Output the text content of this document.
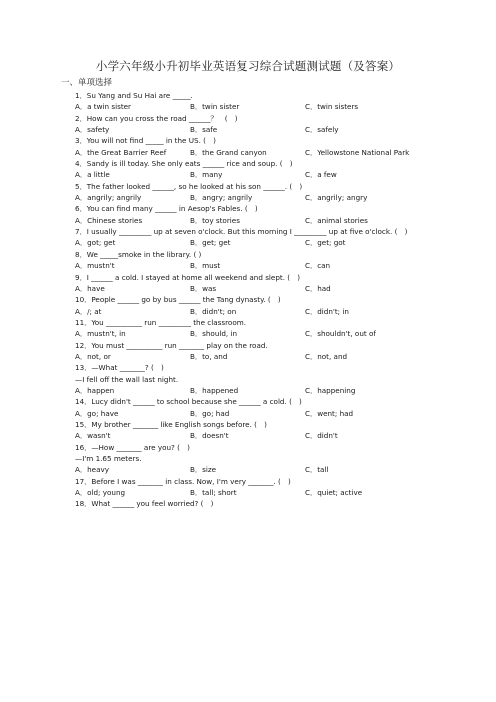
小学六年级小升初毕业英语复习综合试题测试题（及答案）
一、单项选择
1．Su Yang and Su Hai are _____.
A．a twin sister	B．twin sister	C．twin sisters
2．How can you cross the road ______？　(　)
A．safety	B．safe	C．safely
3．You will not find _____ in the US. (　)
A．the Great Barrier Reef	B．the Grand canyon	C．Yellowstone National Park
4．Sandy is ill today. She only eats ______ rice and soup. (　)
A．a little	B．many	C．a few
5．The father looked ______, so he looked at his son ______. (　)
A．angrily; angrily	B．angry; angrily	C．angrily; angry
6．You can find many ______ in Aesop's Fables. (　)
A．Chinese stories	B．toy stories	C．animal stories
7．I usually _________ up at seven o'clock. But this morning I _________ up at five o'clock. (　)
A．got; get	B．get; get	C．get; got
8．We _____smoke in the library. ( )
A．mustn't	B．must	C．can
9．I ______ a cold. I stayed at home all weekend and slept. (　)
A．have	B．was	C．had
10．People ______ go by bus ______ the Tang dynasty. (　)
A．/; at	B．didn't; on	C．didn't; in
11．You __________ run _________ the classroom.
A．mustn't, in	B．should, in	C．shouldn't, out of
12．You must __________ run _______ play on the road.
A．not, or	B．to, and	C．not, and
13．—What _______? (　)
—I fell off the wall last night.
A．happen	B．happened	C．happening
14．Lucy didn't ______ to school because she ______ a cold. (　)
A．go; have	B．go; had	C．went; had
15．My brother _______ like English songs before. (　)
A．wasn't	B．doesn't	C．didn't
16．—How _______ are you? (　)
—I'm 1.65 meters.
A．heavy	B．size	C．tall
17．Before I was _______ in class. Now, I'm very _______. (　)
A．old; young	B．tall; short	C．quiet; active
18．What ______ you feel worried? (　)
